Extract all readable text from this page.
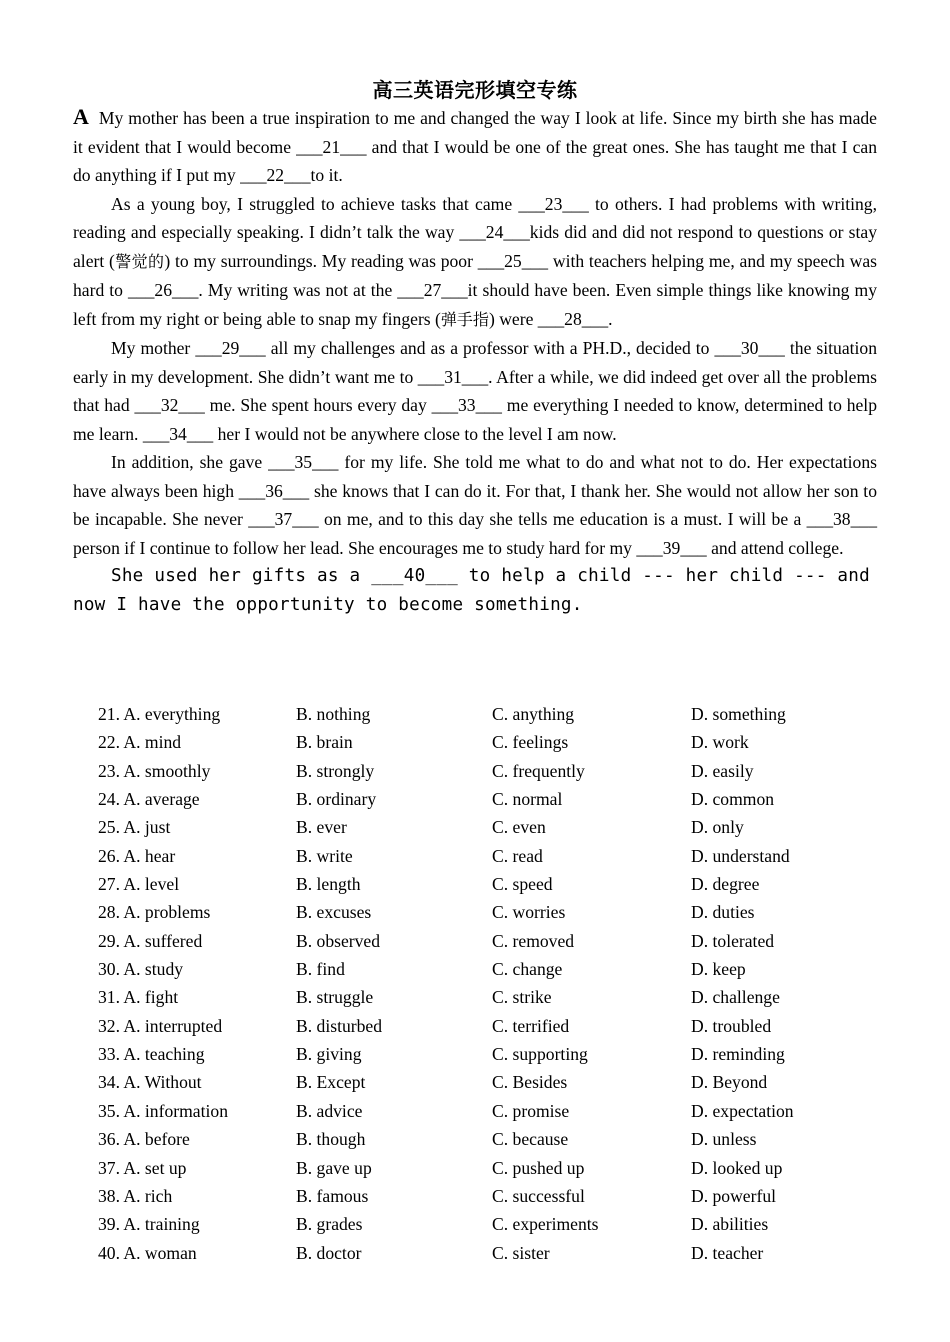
高三英语完形填空专练

A My mother has been a true inspiration to me and changed the way I look at life. Since my birth she has made it evident that I would become ___21___ and that I would be one of the great ones. She has taught me that I can do anything if I put my ___22___to it.

As a young boy, I struggled to achieve tasks that came ___23___ to others. I had problems with writing, reading and especially speaking. I didn’t talk the way ___24___kids did and did not respond to questions or stay alert (警觉的) to my surroundings. My reading was poor ___25___ with teachers helping me, and my speech was hard to ___26___. My writing was not at the ___27___it should have been. Even simple things like knowing my left from my right or being able to snap my fingers (弹手指) were ___28___.

My mother ___29___ all my challenges and as a professor with a PH.D., decided to ___30___ the situation early in my development. She didn’t want me to ___31___. After a while, we did indeed get over all the problems that had ___32___ me. She spent hours every day ___33___ me everything I needed to know, determined to help me learn. ___34___ her I would not be anywhere close to the level I am now.

In addition, she gave ___35___ for my life. She told me what to do and what not to do. Her expectations have always been high ___36___ she knows that I can do it. For that, I thank her. She would not allow her son to be incapable. She never ___37___ on me, and to this day she tells me education is a must. I will be a ___38___ person if I continue to follow her lead. She encourages me to study hard for my ___39___ and attend college.

She used her gifts as a ___40___ to help a child --- her child --- and now I have the opportunity to become something.

21. A. everything	B. nothing	C. anything	D. something
22. A. mind	B. brain	C. feelings	D. work
23. A. smoothly	B. strongly	C. frequently	D. easily
24. A. average	B. ordinary	C. normal	D. common
25. A. just	B. ever	C. even	D. only
26. A. hear	B. write	C. read	D. understand
27. A. level	B. length	C. speed	D. degree
28. A. problems	B. excuses	C. worries	D. duties
29. A. suffered	B. observed	C. removed	D. tolerated
30. A. study	B. find	C. change	D. keep
31. A. fight	B. struggle	C. strike	D. challenge
32. A. interrupted	B. disturbed	C. terrified	D. troubled
33. A. teaching	B. giving	C. supporting	D. reminding
34. A. Without	B. Except	C. Besides	D. Beyond
35. A. information	B. advice	C. promise	D. expectation
36. A. before	B. though	C. because	D. unless
37. A. set up	B. gave up	C. pushed up	D. looked up
38. A. rich	B. famous	C. successful	D. powerful
39. A. training	B. grades	C. experiments	D. abilities
40. A. woman	B. doctor	C. sister	D. teacher
